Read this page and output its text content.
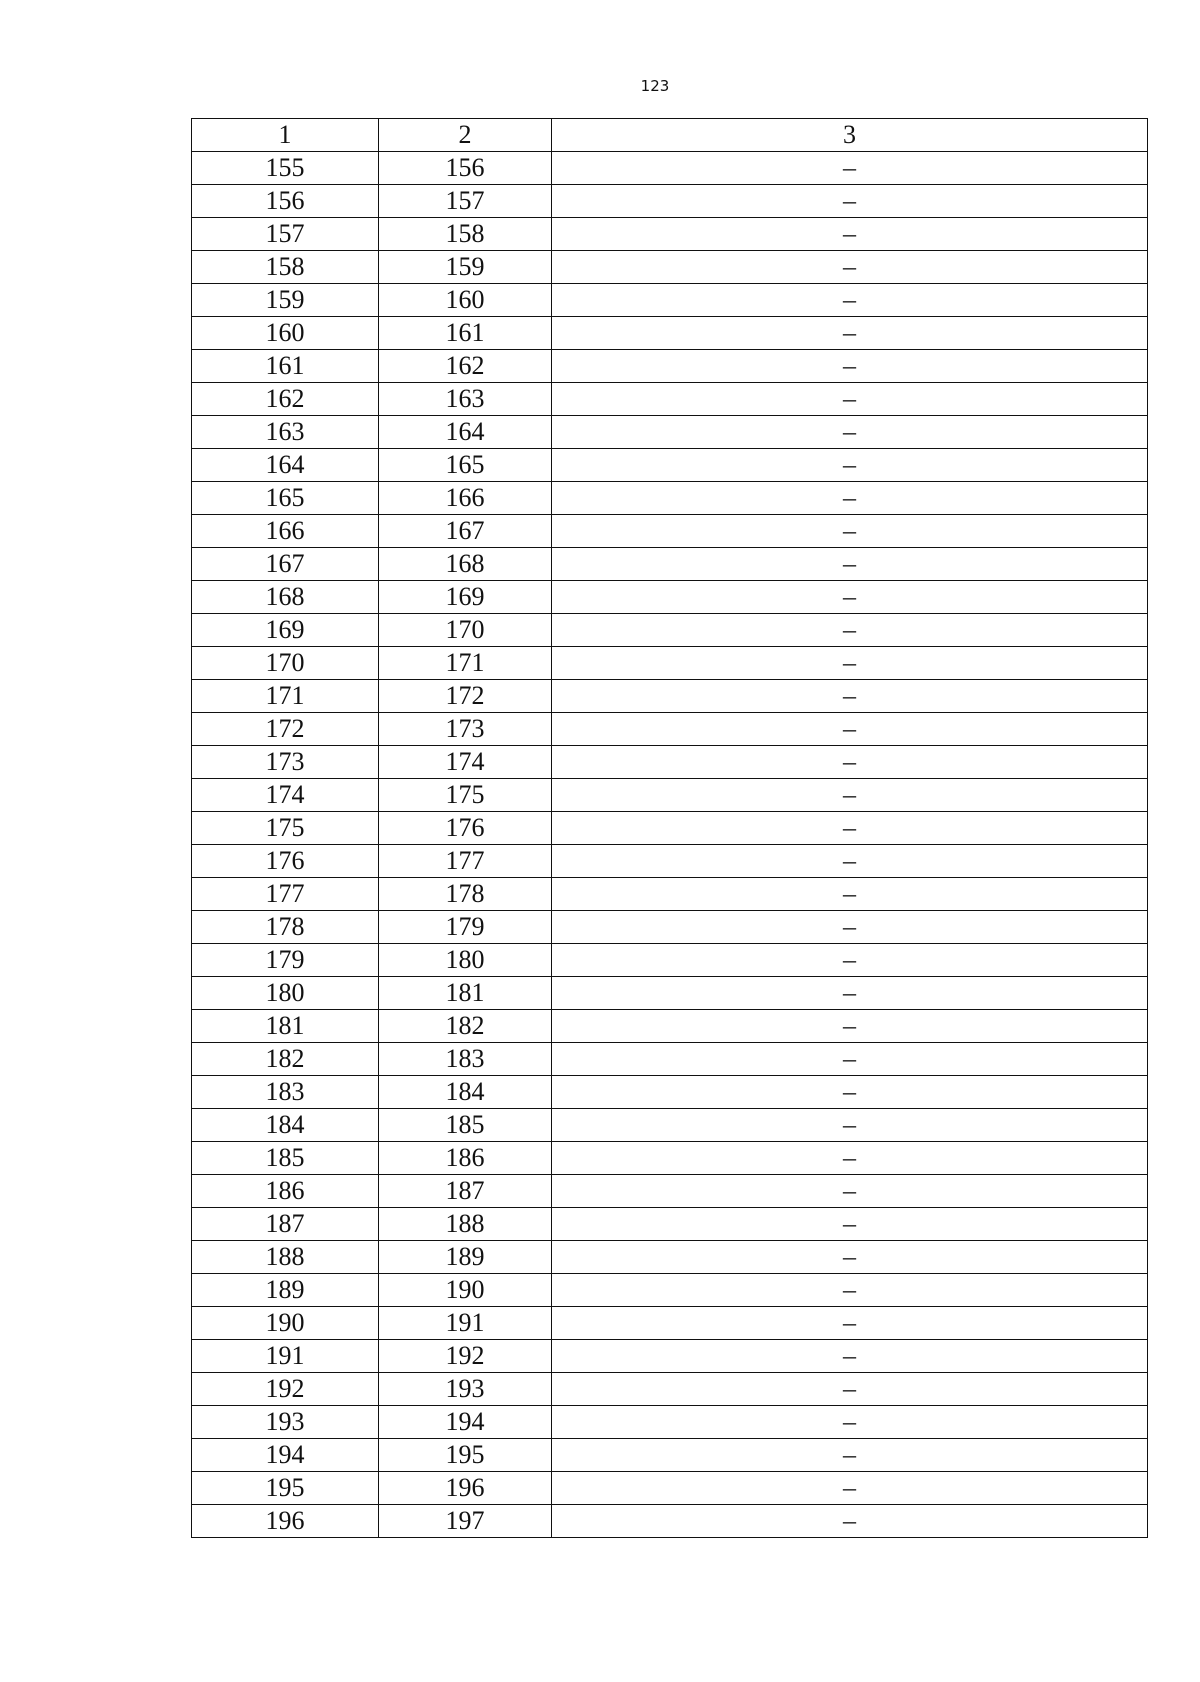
123
1	2	3
155	156	–
156	157	–
157	158	–
158	159	–
159	160	–
160	161	–
161	162	–
162	163	–
163	164	–
164	165	–
165	166	–
166	167	–
167	168	–
168	169	–
169	170	–
170	171	–
171	172	–
172	173	–
173	174	–
174	175	–
175	176	–
176	177	–
177	178	–
178	179	–
179	180	–
180	181	–
181	182	–
182	183	–
183	184	–
184	185	–
185	186	–
186	187	–
187	188	–
188	189	–
189	190	–
190	191	–
191	192	–
192	193	–
193	194	–
194	195	–
195	196	–
196	197	–
